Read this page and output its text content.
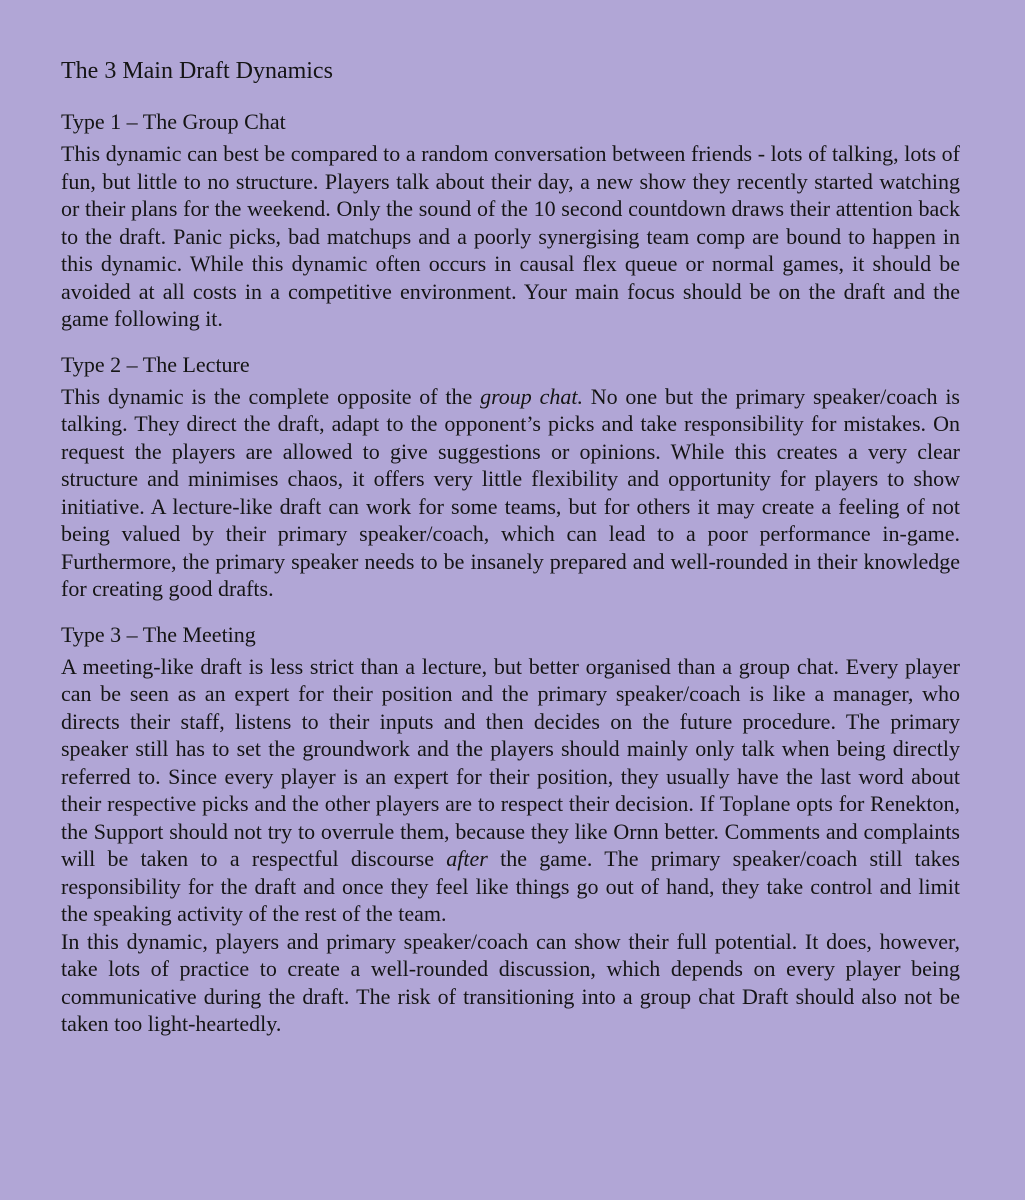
The 3 Main Draft Dynamics
Type 1 – The Group Chat

This dynamic can best be compared to a random conversation between friends - lots of talking, lots of fun, but little to no structure. Players talk about their day, a new show they recently started watching or their plans for the weekend. Only the sound of the 10 second countdown draws their attention back to the draft. Panic picks, bad matchups and a poorly synergising team comp are bound to happen in this dynamic. While this dynamic often occurs in causal flex queue or normal games, it should be avoided at all costs in a competitive environment. Your main focus should be on the draft and the game following it.

Type 2 – The Lecture

This dynamic is the complete opposite of the group chat. No one but the primary speaker/coach is talking. They direct the draft, adapt to the opponent’s picks and take responsibility for mistakes. On request the players are allowed to give suggestions or opinions. While this creates a very clear structure and minimises chaos, it offers very little flexibility and opportunity for players to show initiative. A lecture-like draft can work for some teams, but for others it may create a feeling of not being valued by their primary speaker/coach, which can lead to a poor performance in-game. Furthermore, the primary speaker needs to be insanely prepared and well-rounded in their knowledge for creating good drafts.

Type 3 – The Meeting

A meeting-like draft is less strict than a lecture, but better organised than a group chat. Every player can be seen as an expert for their position and the primary speaker/coach is like a manager, who directs their staff, listens to their inputs and then decides on the future procedure. The primary speaker still has to set the groundwork and the players should mainly only talk when being directly referred to. Since every player is an expert for their position, they usually have the last word about their respective picks and the other players are to respect their decision. If Toplane opts for Renekton, the Support should not try to overrule them, because they like Ornn better. Comments and complaints will be taken to a respectful discourse after the game. The primary speaker/coach still takes responsibility for the draft and once they feel like things go out of hand, they take control and limit the speaking activity of the rest of the team.

In this dynamic, players and primary speaker/coach can show their full potential. It does, however, take lots of practice to create a well-rounded discussion, which depends on every player being communicative during the draft. The risk of transitioning into a group chat Draft should also not be taken too light-heartedly.
